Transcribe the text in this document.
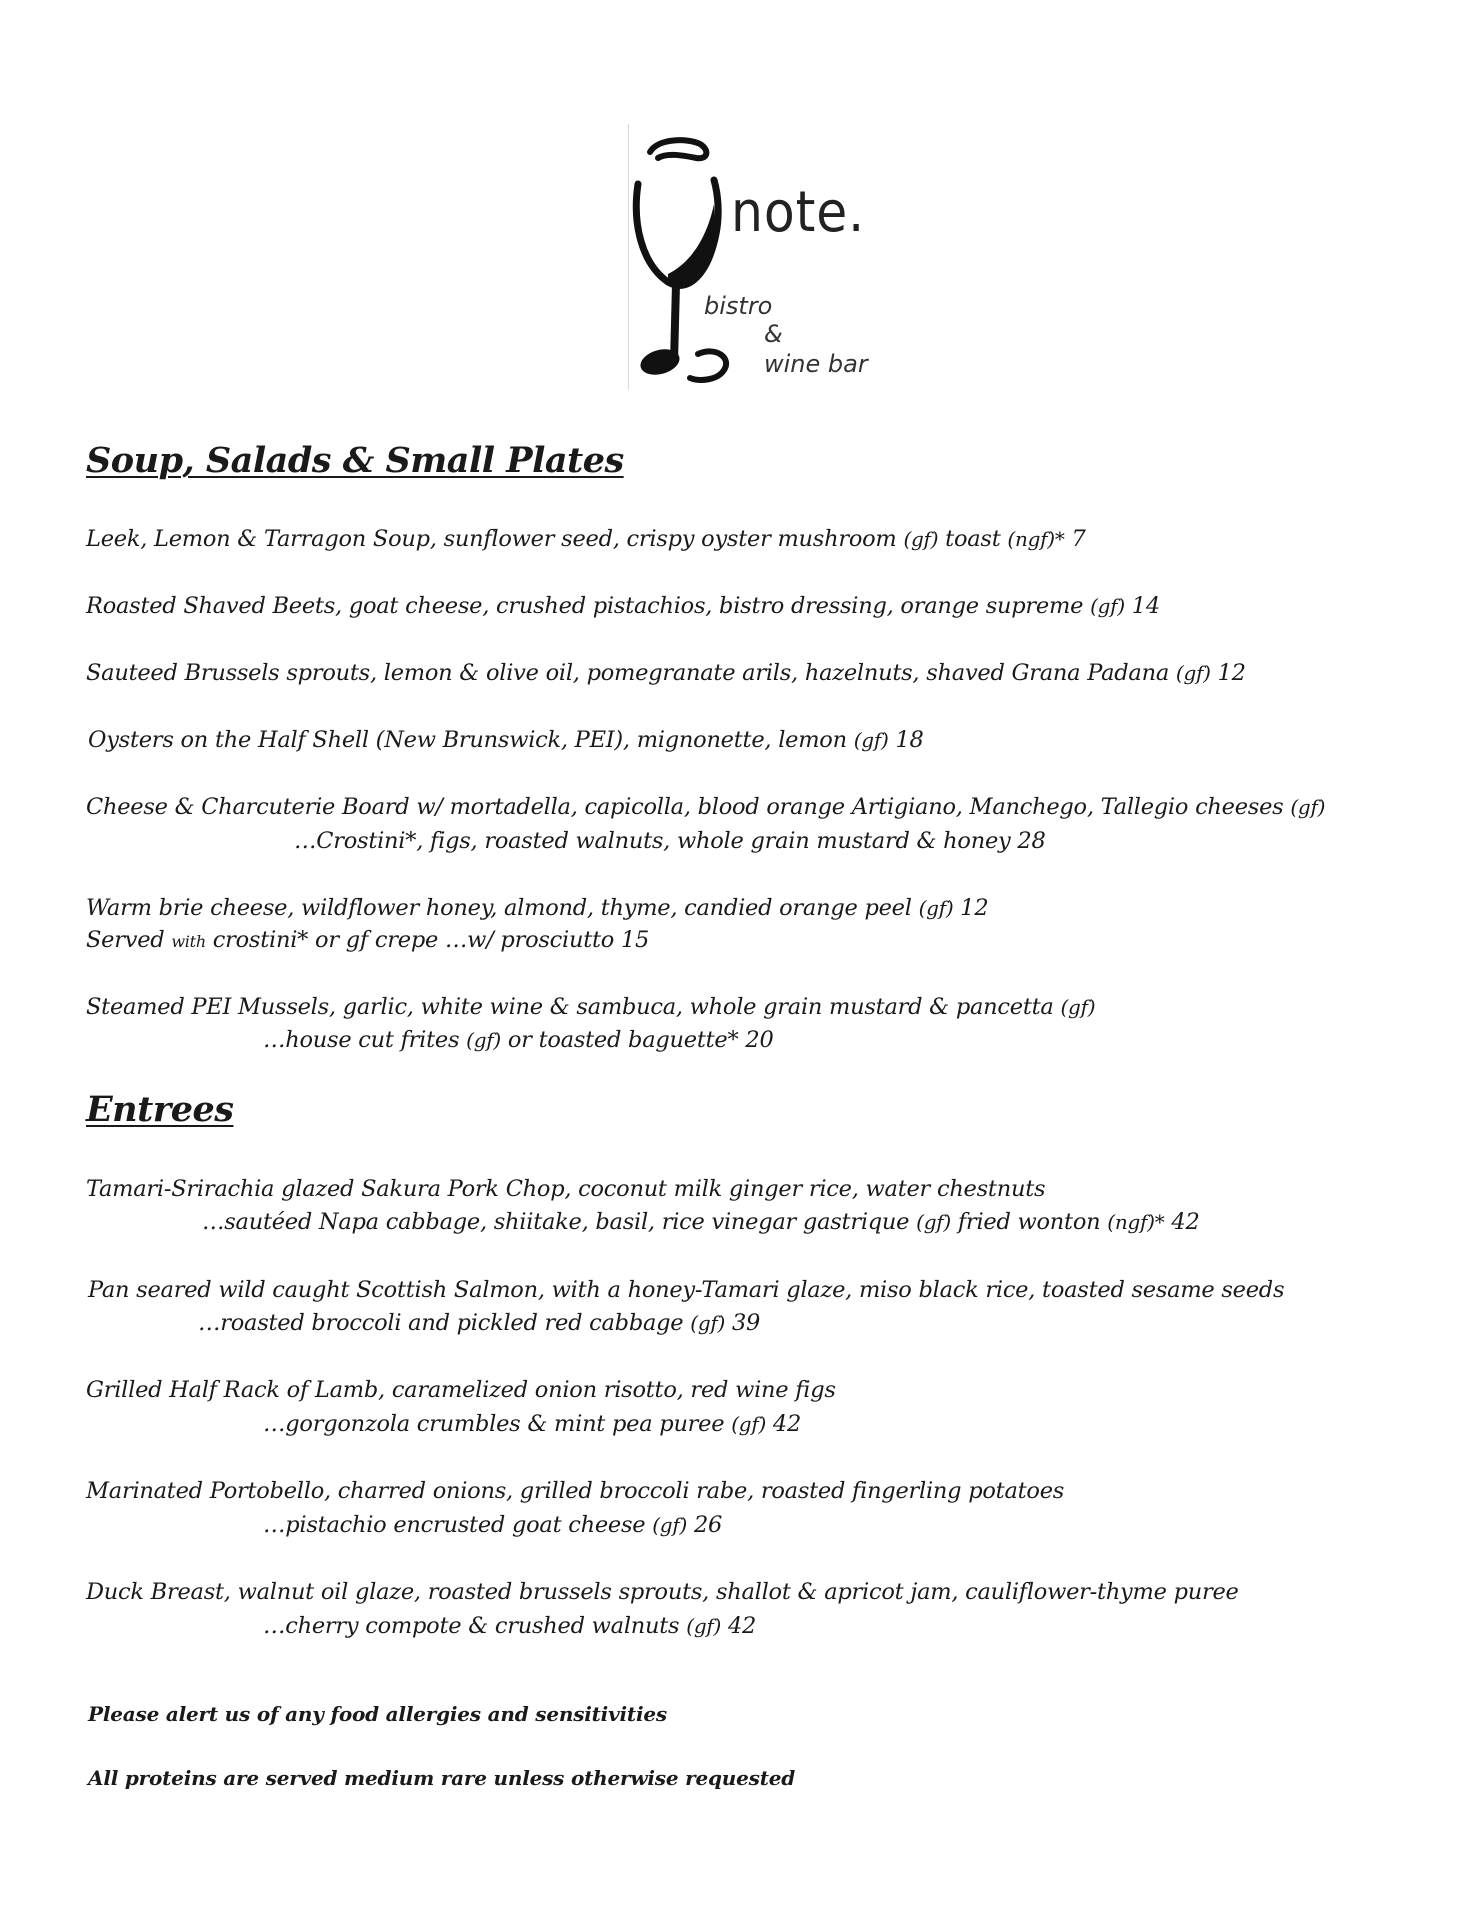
note.
bistro
&
wine bar
Soup, Salads & Small Plates
Leek, Lemon & Tarragon Soup, sunflower seed, crispy oyster mushroom (gf) toast (ngf)* 7
Roasted Shaved Beets, goat cheese, crushed pistachios, bistro dressing, orange supreme (gf) 14
Sauteed Brussels sprouts, lemon & olive oil, pomegranate arils, hazelnuts, shaved Grana Padana (gf) 12
Oysters on the Half Shell (New Brunswick, PEI), mignonette, lemon (gf) 18
Cheese & Charcuterie Board w/ mortadella, capicolla, blood orange Artigiano, Manchego, Tallegio cheeses (gf)
…Crostini*, figs, roasted walnuts, whole grain mustard & honey 28
Warm brie cheese, wildflower honey, almond, thyme, candied orange peel (gf) 12
Served with crostini* or gf crepe …w/ prosciutto 15
Steamed PEI Mussels, garlic, white wine & sambuca, whole grain mustard & pancetta (gf)
…house cut frites (gf) or toasted baguette* 20
Entrees
Tamari-Srirachia glazed Sakura Pork Chop, coconut milk ginger rice, water chestnuts
…sautéed Napa cabbage, shiitake, basil, rice vinegar gastrique (gf) fried wonton (ngf)* 42
Pan seared wild caught Scottish Salmon, with a honey-Tamari glaze, miso black rice, toasted sesame seeds
…roasted broccoli and pickled red cabbage (gf) 39
Grilled Half Rack of Lamb, caramelized onion risotto, red wine figs
…gorgonzola crumbles & mint pea puree (gf) 42
Marinated Portobello, charred onions, grilled broccoli rabe, roasted fingerling potatoes
…pistachio encrusted goat cheese (gf) 26
Duck Breast, walnut oil glaze, roasted brussels sprouts, shallot & apricot jam, cauliflower-thyme puree
…cherry compote & crushed walnuts (gf) 42
Please alert us of any food allergies and sensitivities
All proteins are served medium rare unless otherwise requested
